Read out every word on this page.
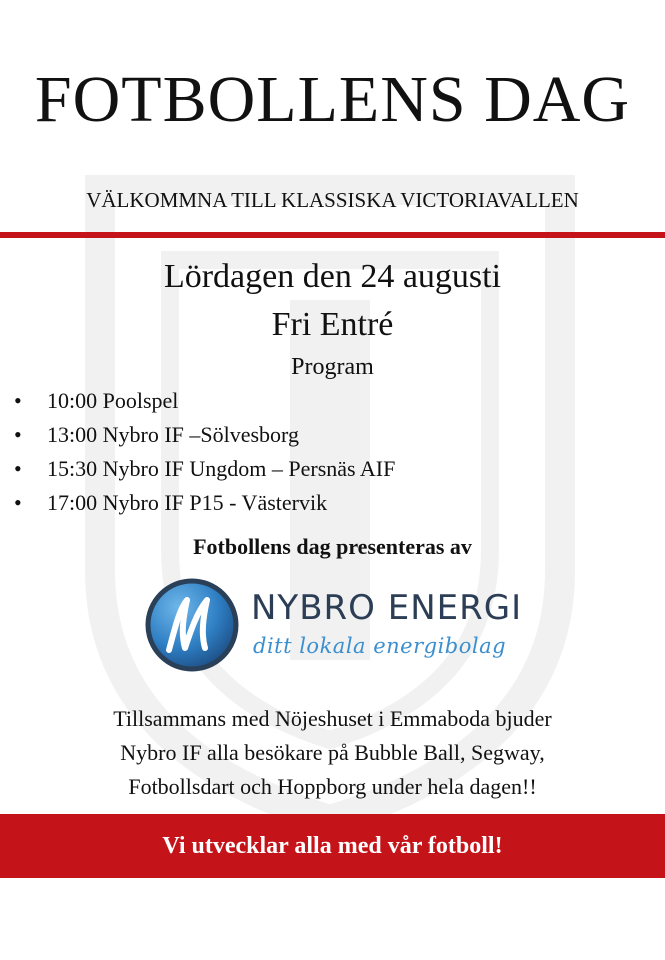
FOTBOLLENS DAG
VÄLKOMMNA TILL KLASSISKA VICTORIAVALLEN
Lördagen den 24 augusti
Fri Entré
Program
• 10:00 Poolspel
• 13:00 Nybro IF –Sölvesborg
• 15:30 Nybro IF Ungdom – Persnäs AIF
• 17:00 Nybro IF P15 - Västervik
Fotbollens dag presenteras av
NYBRO ENERGI
ditt lokala energibolag
Tillsammans med Nöjeshuset i Emmaboda bjuder
Nybro IF alla besökare på Bubble Ball, Segway,
Fotbollsdart och Hoppborg under hela dagen!!
Vi utvecklar alla med vår fotboll!
